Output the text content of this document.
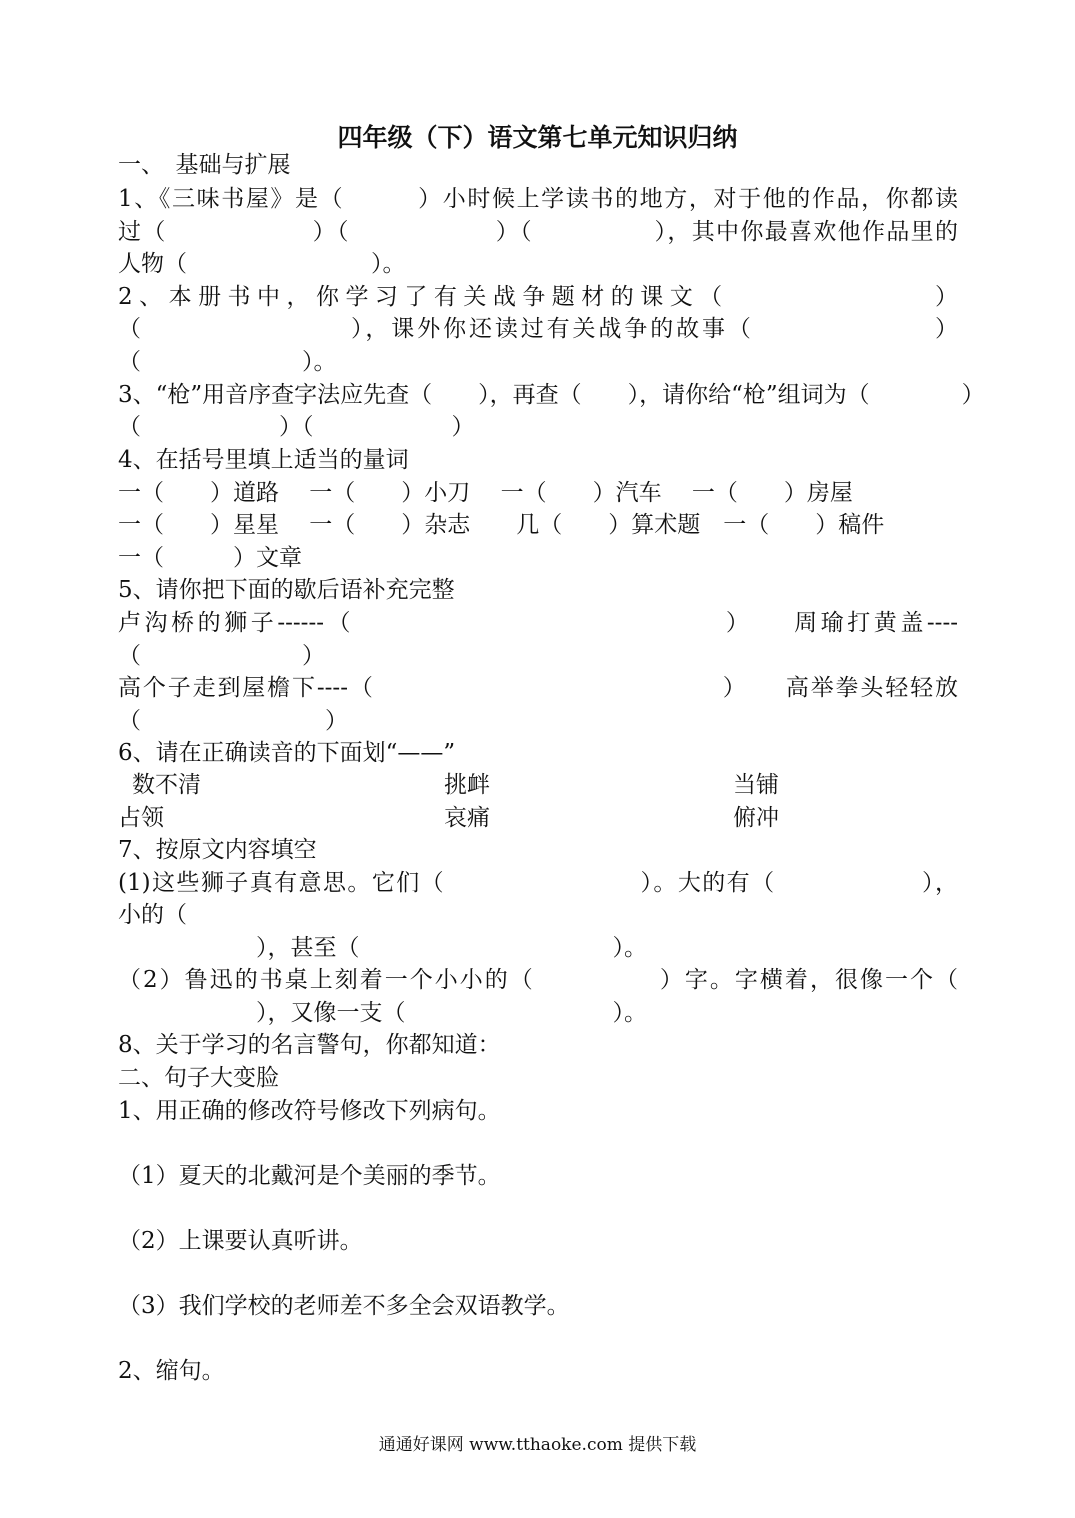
四年级（下）语文第七单元知识归纳
一、　基础与扩展
1、《三味书屋》是（　　　）小时候上学读书的地方，对于他的作品，你都读
过（　　　　　　）（　　　　　　）（　　　　　），其中你最喜欢他作品里的
人物（　　　　　　　　）。
2、本册书中，你学习了有关战争题材的课文（　　　　　　　）
（　　　　　　　　），课外你还读过有关战争的故事（　　　　　　　）
（　　　　　　　）。
3、“枪”用音序查字法应先查（　　），再查（　　），请你给“枪”组词为（　　　　）
（　　　　　　）（　　　　　　）
4、在括号里填上适当的量词
一（　　）道路　 一（　　）小刀　 一（　　）汽车　 一（　　）房屋
一（　　）星星　 一（　　）杂志　　几（　　）算术题　一（　　）稿件
一（　　　）文章
5、请你把下面的歇后语补充完整
卢沟桥的狮子------（　　　　　　　　　　　　　　）　　周瑜打黄盖----
（　　　　　　　）
高个子走到屋檐下----（　　　　　　　　　　　　　　）　　高举拳头轻轻放
（　　　　　　　　）
6、请在正确读音的下面划“——”
数不清	挑衅	当铺
占领	哀痛	俯冲
7、按原文内容填空
(1)这些狮子真有意思。它们（　　　　　　　　）。大的有（　　　　　　），
小的（
　　　　　　），甚至（　　　　　　　　　　　）。
（2）鲁迅的书桌上刻着一个小小的（　　　　　）字。字横着，很像一个（
　　　　　　），又像一支（　　　　　　　　　）。
8、关于学习的名言警句，你都知道：
二、句子大变脸
1、用正确的修改符号修改下列病句。
（1）夏天的北戴河是个美丽的季节。
（2）上课要认真听讲。
（3）我们学校的老师差不多全会双语教学。
2、缩句。
通通好课网 www.tthaoke.com 提供下载
